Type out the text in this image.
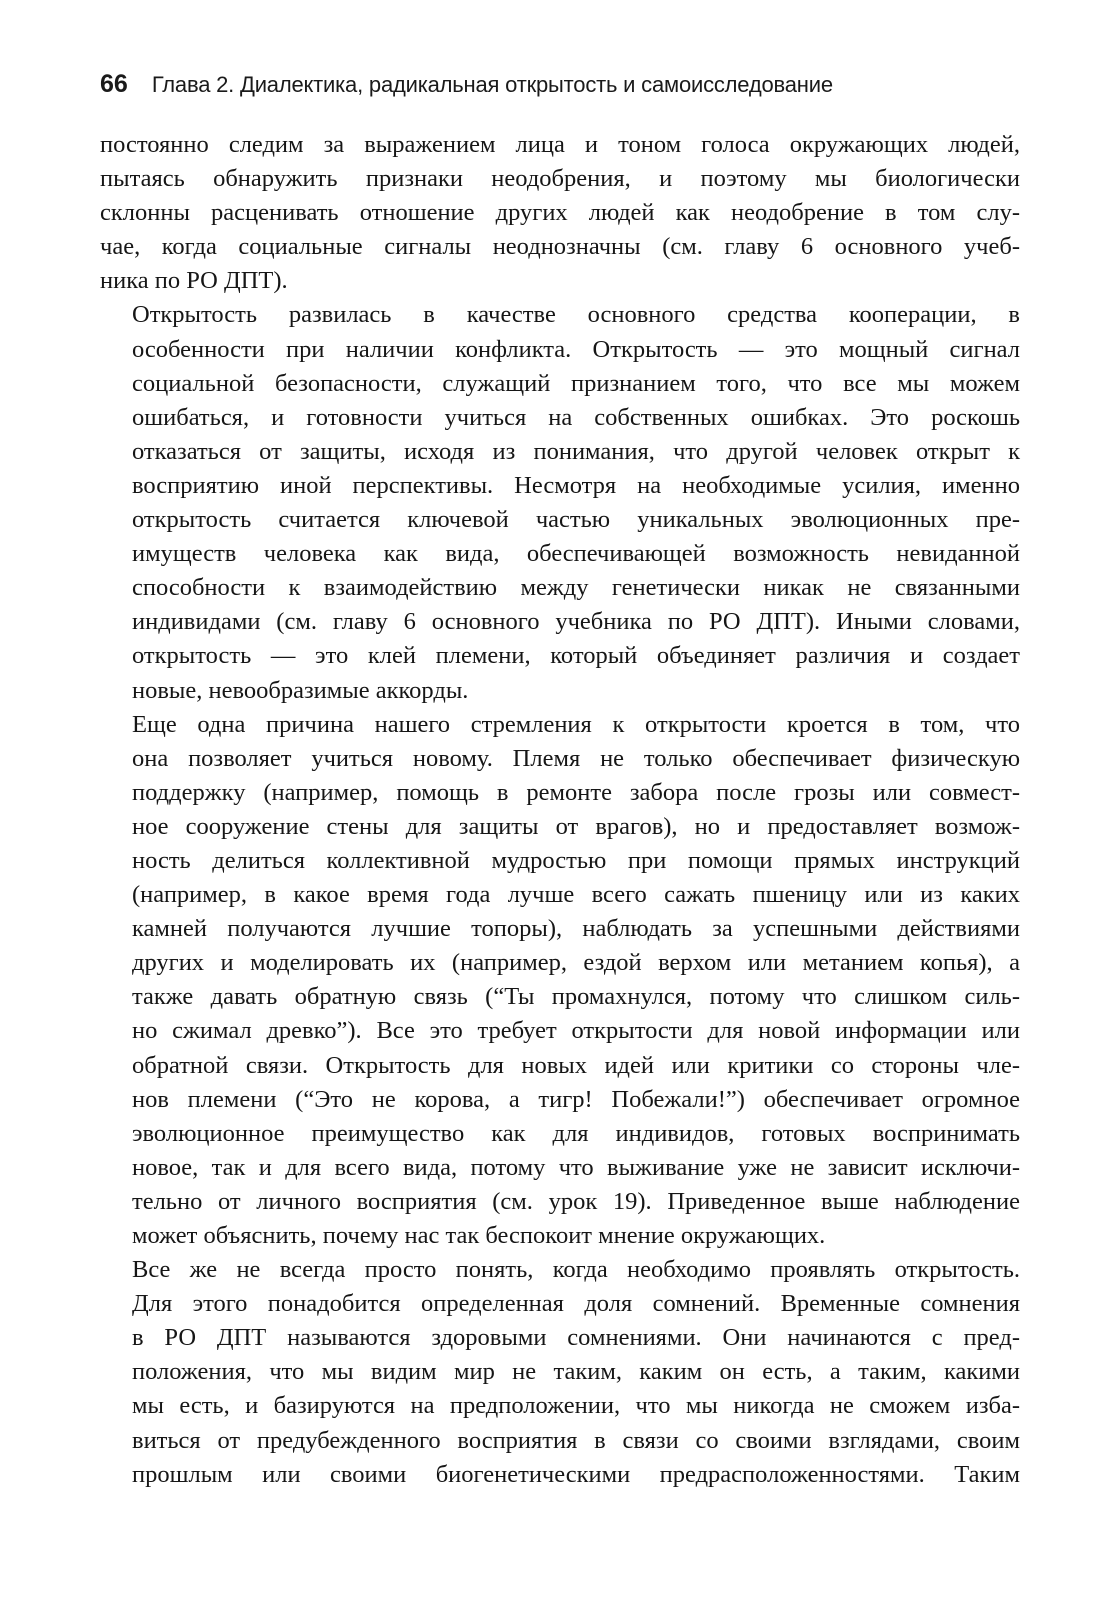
66 Глава 2. Диалектика, радикальная открытость и самоисследование
постоянно следим за выражением лица и тоном голоса окружающих людей,
пытаясь обнаружить признаки неодобрения, и поэтому мы биологически
склонны расценивать отношение других людей как неодобрение в том слу-
чае, когда социальные сигналы неоднозначны (см. главу 6 основного учеб-
ника по РО ДПТ).
Открытость развилась в качестве основного средства кооперации, в
особенности при наличии конфликта. Открытость — это мощный сигнал
социальной безопасности, служащий признанием того, что все мы можем
ошибаться, и готовности учиться на собственных ошибках. Это роскошь
отказаться от защиты, исходя из понимания, что другой человек открыт к
восприятию иной перспективы. Несмотря на необходимые усилия, именно
открытость считается ключевой частью уникальных эволюционных пре-
имуществ человека как вида, обеспечивающей возможность невиданной
способности к взаимодействию между генетически никак не связанными
индивидами (см. главу 6 основного учебника по РО ДПТ). Иными словами,
открытость — это клей племени, который объединяет различия и создает
новые, невообразимые аккорды.
Еще одна причина нашего стремления к открытости кроется в том, что
она позволяет учиться новому. Племя не только обеспечивает физическую
поддержку (например, помощь в ремонте забора после грозы или совмест-
ное сооружение стены для защиты от врагов), но и предоставляет возмож-
ность делиться коллективной мудростью при помощи прямых инструкций
(например, в какое время года лучше всего сажать пшеницу или из каких
камней получаются лучшие топоры), наблюдать за успешными действиями
других и моделировать их (например, ездой верхом или метанием копья), а
также давать обратную связь (“Ты промахнулся, потому что слишком силь-
но сжимал древко”). Все это требует открытости для новой информации или
обратной связи. Открытость для новых идей или критики со стороны чле-
нов племени (“Это не корова, а тигр! Побежали!”) обеспечивает огромное
эволюционное преимущество как для индивидов, готовых воспринимать
новое, так и для всего вида, потому что выживание уже не зависит исключи-
тельно от личного восприятия (см. урок 19). Приведенное выше наблюдение
может объяснить, почему нас так беспокоит мнение окружающих.
Все же не всегда просто понять, когда необходимо проявлять открытость.
Для этого понадобится определенная доля сомнений. Временные сомнения
в РО ДПТ называются здоровыми сомнениями. Они начинаются с пред-
положения, что мы видим мир не таким, каким он есть, а таким, какими
мы есть, и базируются на предположении, что мы никогда не сможем изба-
виться от предубежденного восприятия в связи со своими взглядами, своим
прошлым или своими биогенетическими предрасположенностями. Таким
